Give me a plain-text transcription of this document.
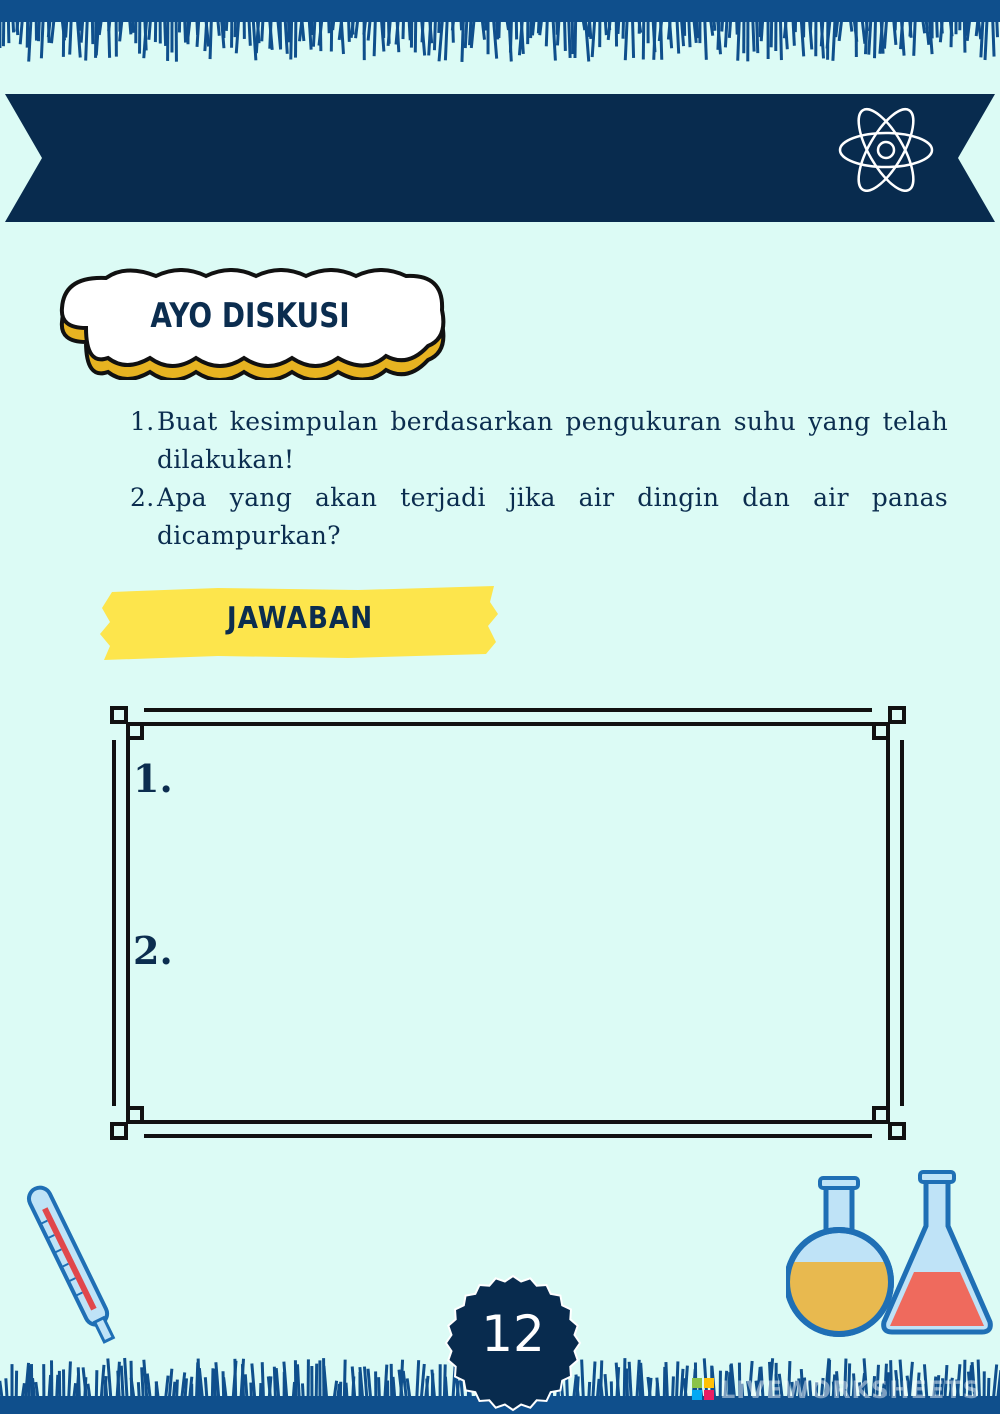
AYO DISKUSI
1. Buat kesimpulan berdasarkan pengukuran suhu yang telah dilakukan!
2. Apa yang akan terjadi jika air dingin dan air panas dicampurkan?
JAWABAN
1.
2.
12
LIVEWORKSHEETS
